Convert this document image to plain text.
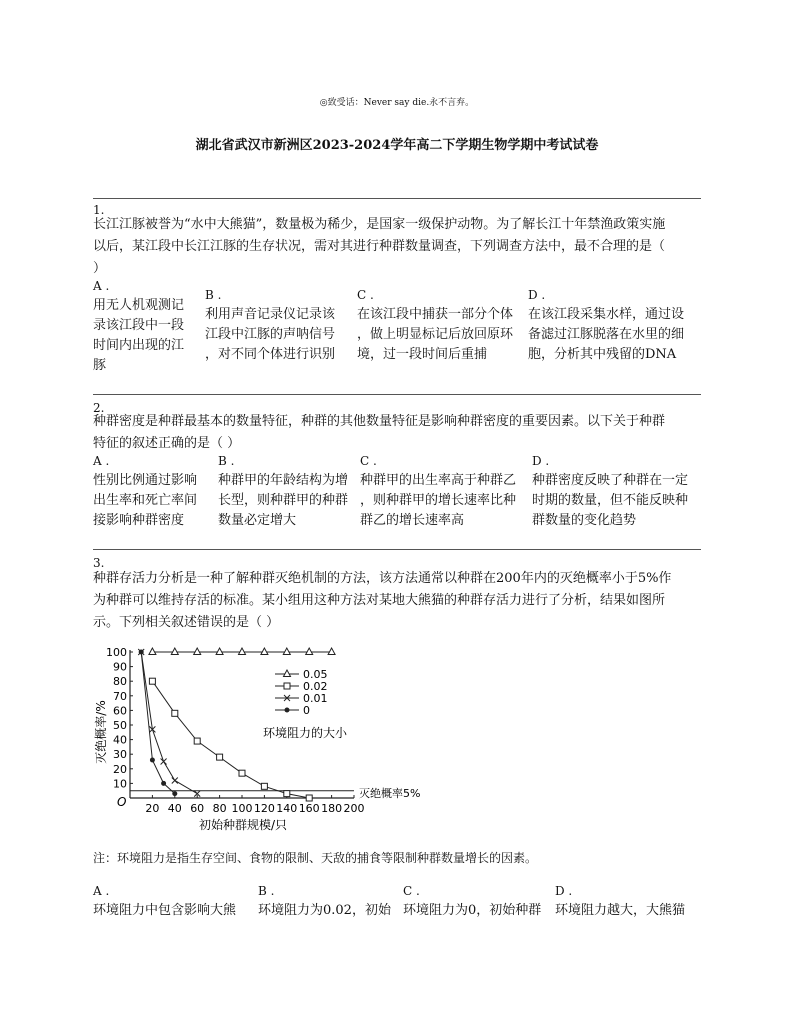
◎致受话：Never say die.永不言弃。
湖北省武汉市新洲区2023-2024学年高二下学期生物学期中考试试卷
1.
长江江豚被誉为“水中大熊猫”，数量极为稀少，是国家一级保护动物。为了解长江十年禁渔政策实施
以后，某江段中长江江豚的生存状况，需对其进行种群数量调查，下列调查方法中，最不合理的是（
）
A .
用无人机观测记
录该江段中一段
时间内出现的江
豚
B .
利用声音记录仪记录该
江段中江豚的声呐信号
，对不同个体进行识别
C .
在该江段中捕获一部分个体
，做上明显标记后放回原环
境，过一段时间后重捕
D .
在该江段采集水样，通过设
备滤过江豚脱落在水里的细
胞，分析其中残留的DNA
2.
种群密度是种群最基本的数量特征，种群的其他数量特征是影响种群密度的重要因素。以下关于种群
特征的叙述正确的是（ ）
A .
性别比例通过影响
出生率和死亡率间
接影响种群密度
B .
种群甲的年龄结构为增
长型，则种群甲的种群
数量必定增大
C .
种群甲的出生率高于种群乙
，则种群甲的增长速率比种
群乙的增长速率高
D .
种群密度反映了种群在一定
时期的数量，但不能反映种
群数量的变化趋势
3.
种群存活力分析是一种了解种群灭绝机制的方法，该方法通常以种群在200年内的灭绝概率小于5%作
为种群可以维持存活的标准。某小组用这种方法对某地大熊猫的种群存活力进行了分析，结果如图所
示。下列相关叙述错误的是（ ）
100
90
80
70
60
50
40
30
20
10
20 40 60 80 100 120 140 160 180 200
0.05
0.02
0.01
0
灭绝概率/%
初始种群规模/只
O
环境阻力的大小
灭绝概率5%
注：环境阻力是指生存空间、食物的限制、天敌的捕食等限制种群数量增长的因素。
A .
环境阻力中包含影响大熊
B .
环境阻力为0.02，初始
C .
环境阻力为0，初始种群
D .
环境阻力越大，大熊猫
